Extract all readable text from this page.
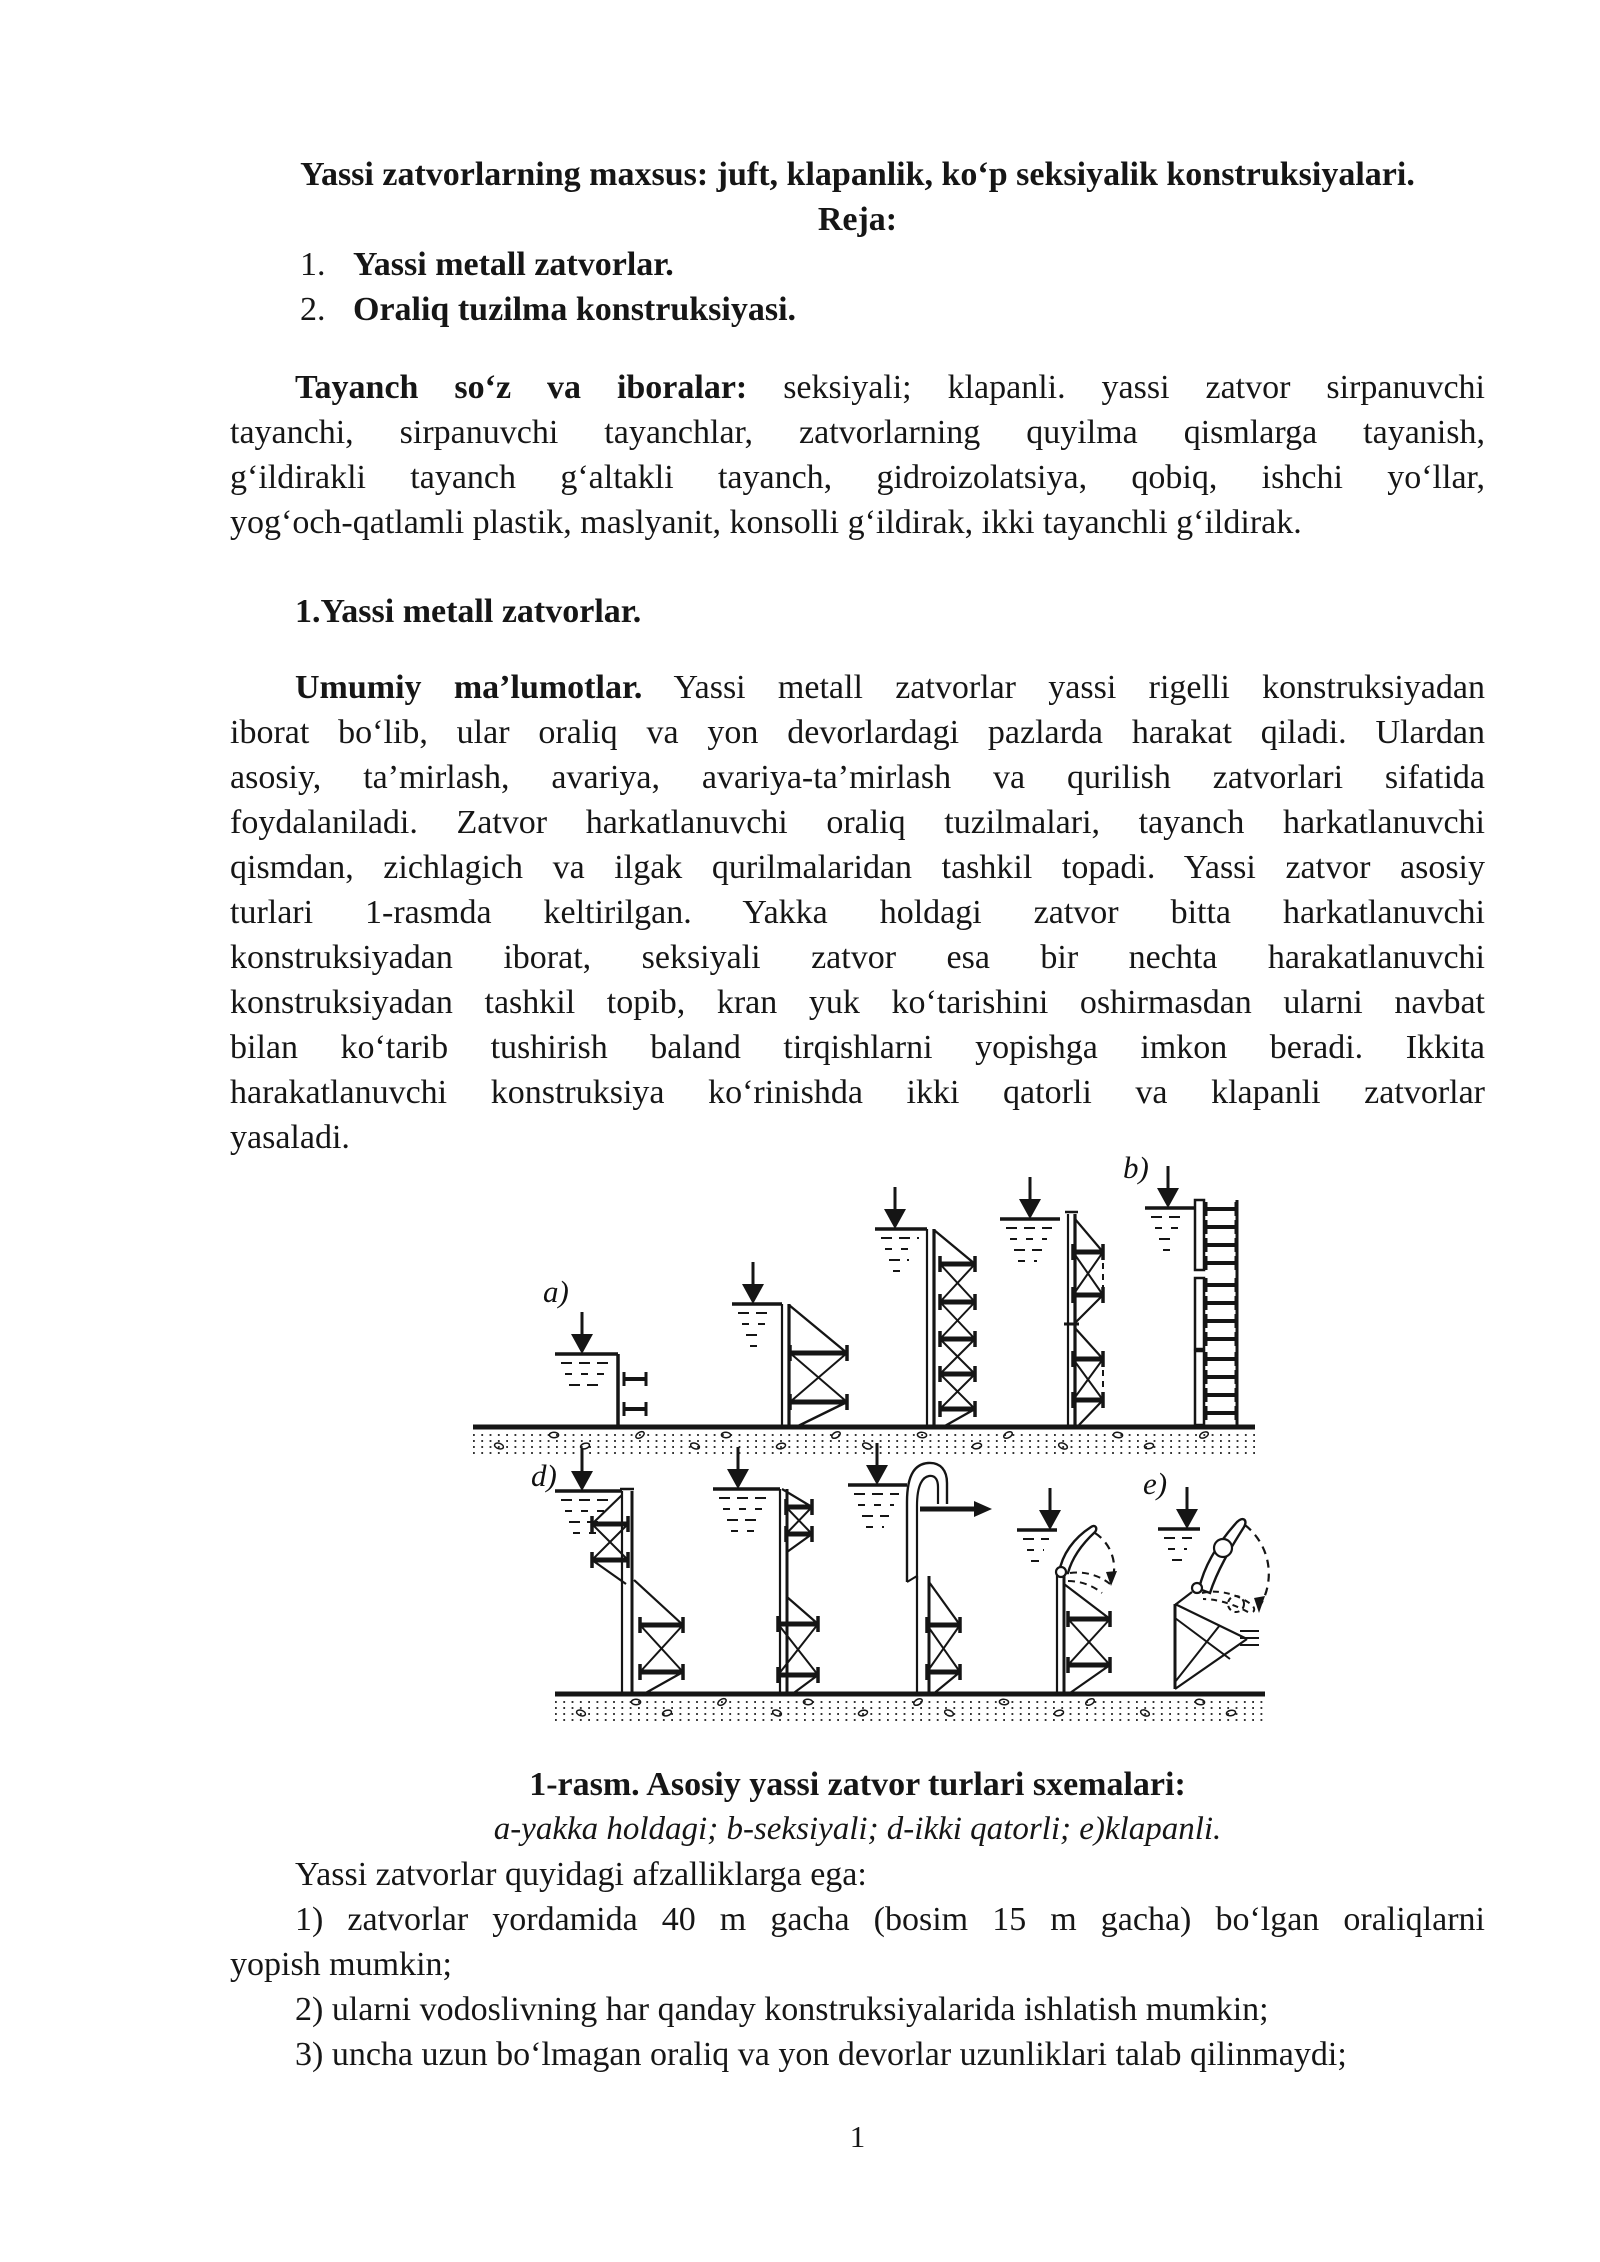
Yassi zatvorlarning maxsus: juft, klapanlik, koʻp seksiyalik konstruksiyalari.
Reja:
1. Yassi metall zatvorlar.
2. Oraliq tuzilma konstruksiyasi.
Tayanch soʻz va iboralar: seksiyali; klapanli. yassi zatvor sirpanuvchi
tayanchi, sirpanuvchi tayanchlar, zatvorlarning quyilma qismlarga tayanish,
gʻildirakli tayanch gʻaltakli tayanch, gidroizolatsiya, qobiq, ishchi yoʻllar,
yogʻoch-qatlamli plastik, maslyanit, konsolli gʻildirak, ikki tayanchli gʻildirak.
1.Yassi metall zatvorlar.
Umumiy ma’lumotlar. Yassi metall zatvorlar yassi rigelli konstruksiyadan
iborat boʻlib, ular oraliq va yon devorlardagi pazlarda harakat qiladi. Ulardan
asosiy, ta’mirlash, avariya, avariya-ta’mirlash va qurilish zatvorlari sifatida
foydalaniladi. Zatvor harkatlanuvchi oraliq tuzilmalari, tayanch harkatlanuvchi
qismdan, zichlagich va ilgak qurilmalaridan tashkil topadi. Yassi zatvor asosiy
turlari 1-rasmda keltirilgan. Yakka holdagi zatvor bitta harkatlanuvchi
konstruksiyadan iborat, seksiyali zatvor esa bir nechta harakatlanuvchi
konstruksiyadan tashkil topib, kran yuk koʻtarishini oshirmasdan ularni navbat
bilan koʻtarib tushirish baland tirqishlarni yopishga imkon beradi. Ikkita
harakatlanuvchi konstruksiya koʻrinishda ikki qatorli va klapanli zatvorlar
yasaladi.
a)
b)
d)	e)
1-rasm. Asosiy yassi zatvor turlari sxemalari:
a-yakka holdagi; b-seksiyali; d-ikki qatorli; e)klapanli.
Yassi zatvorlar quyidagi afzalliklarga ega:
1) zatvorlar yordamida 40 m gacha (bosim 15 m gacha) boʻlgan oraliqlarni
yopish mumkin;
2) ularni vodoslivning har qanday konstruksiyalarida ishlatish mumkin;
3) uncha uzun boʻlmagan oraliq va yon devorlar uzunliklari talab qilinmaydi;
1
